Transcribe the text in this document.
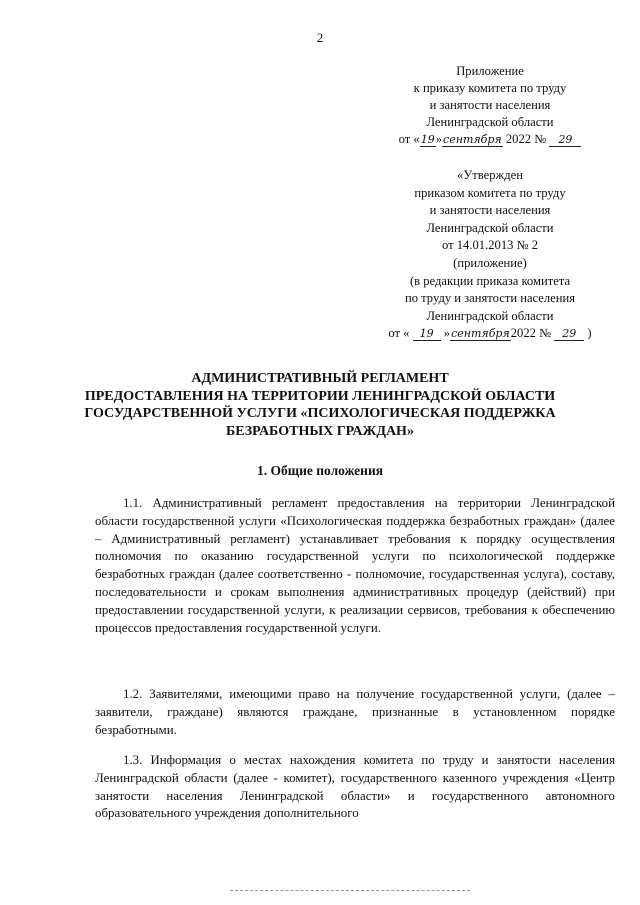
2
Приложение
к приказу комитета по труду
и занятости населения
Ленинградской области
от «19»сентября 2022 № 29
«Утвержден
приказом комитета по труду
и занятости населения
Ленинградской области
от 14.01.2013 № 2
(приложение)
(в редакции приказа комитета
по труду и занятости населения
Ленинградской области
от « 19 »сентября2022 № 29 )
АДМИНИСТРАТИВНЫЙ РЕГЛАМЕНТ
ПРЕДОСТАВЛЕНИЯ НА ТЕРРИТОРИИ ЛЕНИНГРАДСКОЙ ОБЛАСТИ
ГОСУДАРСТВЕННОЙ УСЛУГИ «ПСИХОЛОГИЧЕСКАЯ ПОДДЕРЖКА
БЕЗРАБОТНЫХ ГРАЖДАН»
1. Общие положения
1.1. Административный регламент предоставления на территории Ленинградской области государственной услуги «Психологическая поддержка безработных граждан» (далее – Административный регламент) устанавливает требования к порядку осуществления полномочия по оказанию государственной услуги по психологической поддержке безработных граждан (далее соответственно - полномочие, государственная услуга), составу, последовательности и срокам выполнения административных процедур (действий) при предоставлении государственной услуги, к реализации сервисов, требования к обеспечению процессов предоставления государственной услуги.
1.2. Заявителями, имеющими право на получение государственной услуги, (далее – заявители, граждане) являются граждане, признанные в установленном порядке безработными.
1.3. Информация о местах нахождения комитета по труду и занятости населения Ленинградской области (далее - комитет), государственного казенного учреждения «Центр занятости населения Ленинградской области» и государственного автономного образовательного учреждения дополнительного
